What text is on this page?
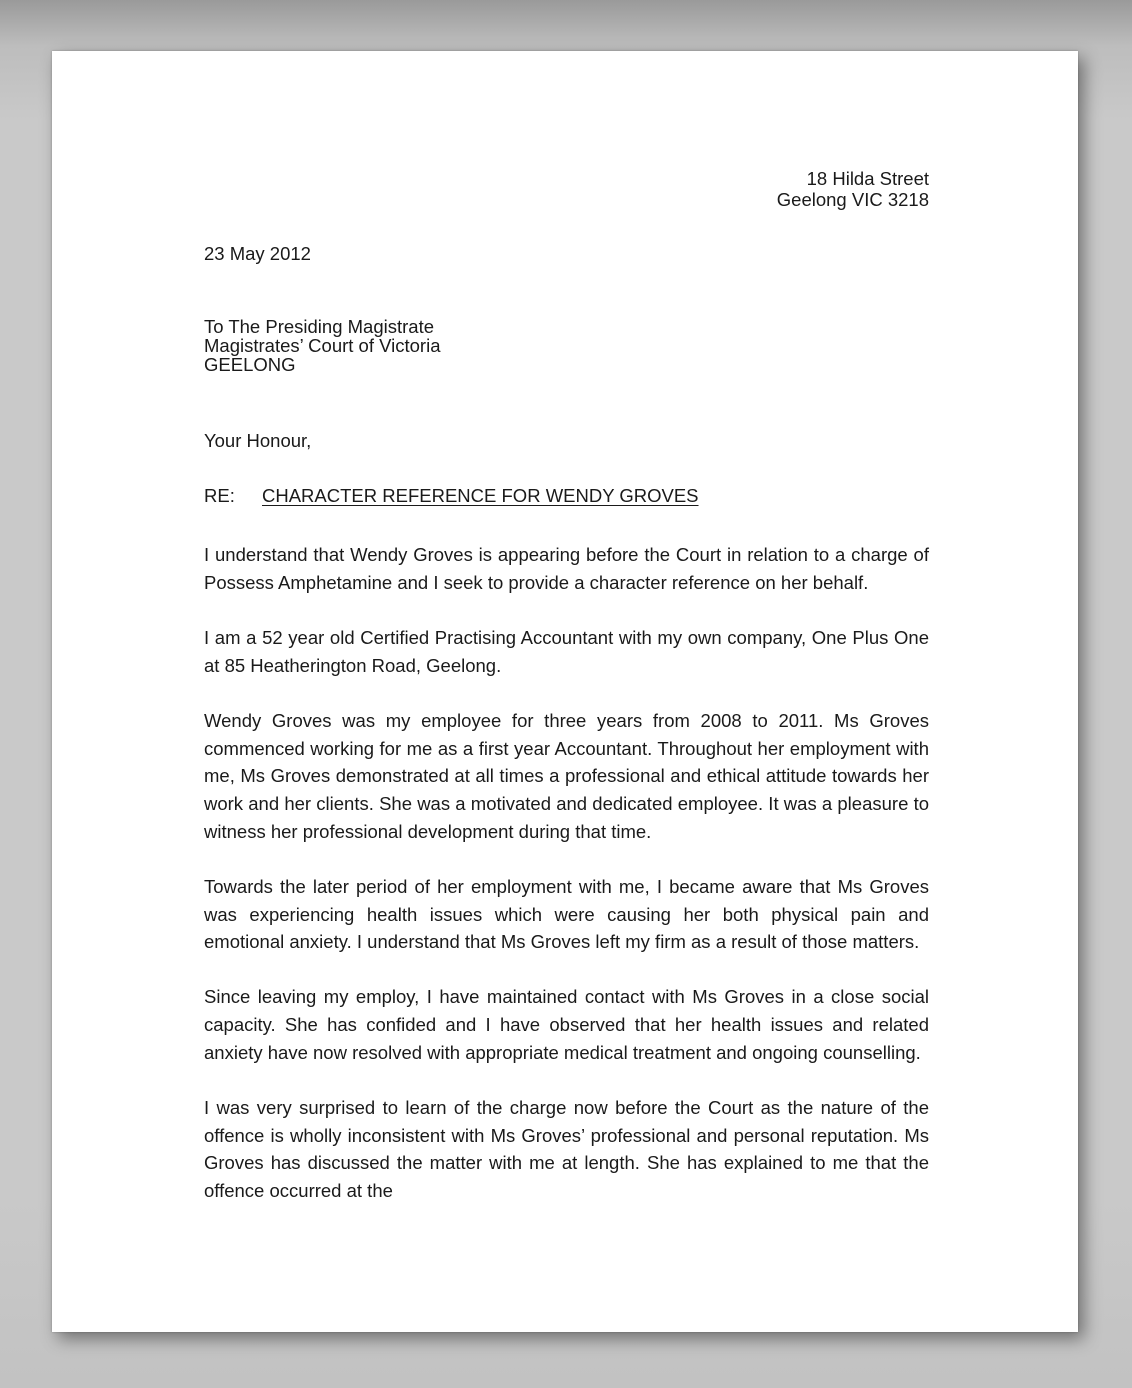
18 Hilda Street
Geelong VIC 3218
23 May 2012
To The Presiding Magistrate
Magistrates’ Court of Victoria
GEELONG
Your Honour,
RE: CHARACTER REFERENCE FOR WENDY GROVES

I understand that Wendy Groves is appearing before the Court in relation to a charge of Possess Amphetamine and I seek to provide a character reference on her behalf.

I am a 52 year old Certified Practising Accountant with my own company, One Plus One at 85 Heatherington Road, Geelong.

Wendy Groves was my employee for three years from 2008 to 2011. Ms Groves commenced working for me as a first year Accountant. Throughout her employment with me, Ms Groves demonstrated at all times a professional and ethical attitude towards her work and her clients. She was a motivated and dedicated employee. It was a pleasure to witness her professional development during that time.

Towards the later period of her employment with me, I became aware that Ms Groves was experiencing health issues which were causing her both physical pain and emotional anxiety. I understand that Ms Groves left my firm as a result of those matters.

Since leaving my employ, I have maintained contact with Ms Groves in a close social capacity. She has confided and I have observed that her health issues and related anxiety have now resolved with appropriate medical treatment and ongoing counselling.

I was very surprised to learn of the charge now before the Court as the nature of the offence is wholly inconsistent with Ms Groves’ professional and personal reputation. Ms Groves has discussed the matter with me at length. She has explained to me that the offence occurred at the
